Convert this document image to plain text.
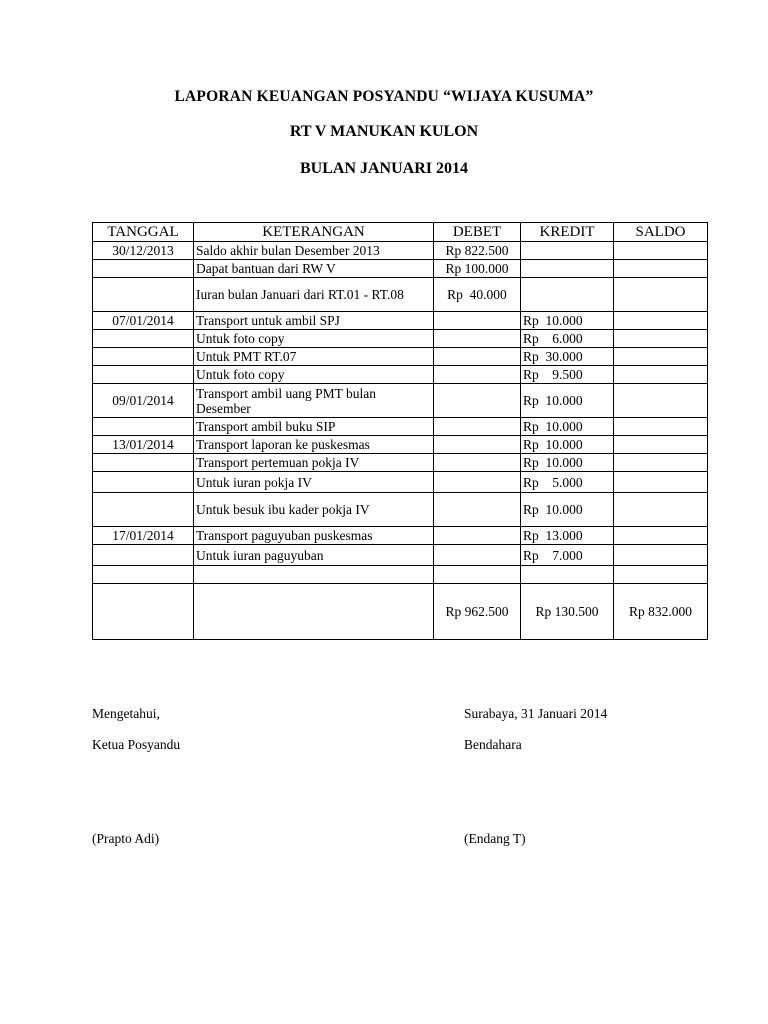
LAPORAN KEUANGAN POSYANDU “WIJAYA KUSUMA”
RT V MANUKAN KULON
BULAN JANUARI 2014
TANGGAL	KETERANGAN	DEBET	KREDIT	SALDO
30/12/2013	Saldo akhir bulan Desember 2013	Rp 822.500		
	Dapat bantuan dari RW V	Rp 100.000		
	Iuran bulan Januari dari RT.01 - RT.08	Rp  40.000		
07/01/2014	Transport untuk ambil SPJ		Rp  10.000	
	Untuk foto copy		Rp    6.000	
	Untuk PMT RT.07		Rp  30.000	
	Untuk foto copy		Rp    9.500	
09/01/2014	Transport ambil uang PMT bulan Desember		Rp  10.000	
	Transport ambil buku SIP		Rp  10.000	
13/01/2014	Transport laporan ke puskesmas		Rp  10.000	
	Transport pertemuan pokja IV		Rp  10.000	
	Untuk iuran pokja IV		Rp    5.000	
	Untuk besuk ibu kader pokja IV		Rp  10.000	
17/01/2014	Transport paguyuban puskesmas		Rp  13.000	
	Untuk iuran paguyuban		Rp    7.000	

		Rp 962.500	Rp 130.500	Rp 832.000
Mengetahui,
Ketua Posyandu
(Prapto Adi)
Surabaya, 31 Januari 2014
Bendahara
(Endang T)
